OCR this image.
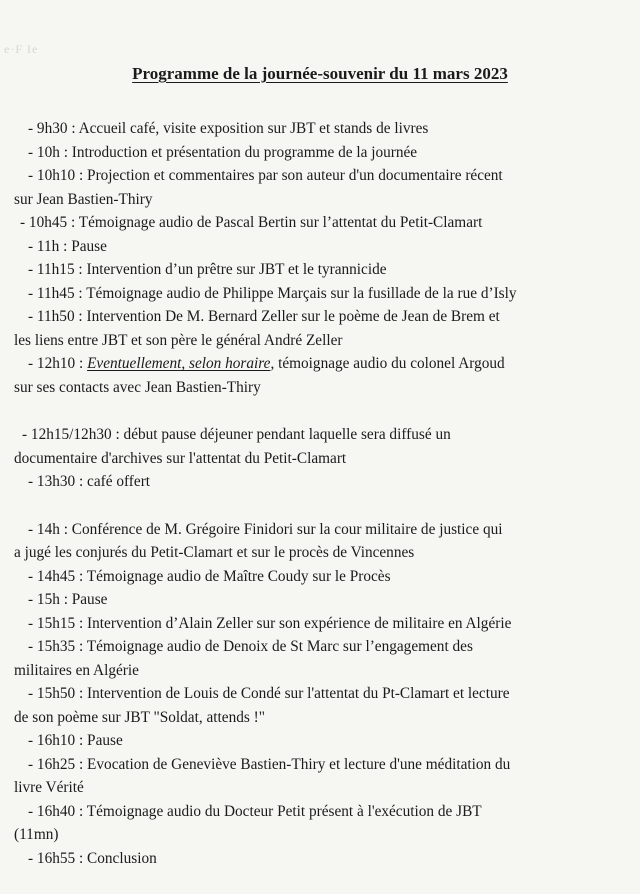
e·F Ie
Programme de la journée-souvenir du 11 mars 2023
- 9h30 : Accueil café, visite exposition sur JBT et stands de livres
- 10h : Introduction et présentation du programme de la journée
- 10h10 : Projection et commentaires par son auteur d'un documentaire récent
sur Jean Bastien-Thiry
- 10h45 : Témoignage audio de Pascal Bertin sur l’attentat du Petit-Clamart
- 11h : Pause
- 11h15 : Intervention d’un prêtre sur JBT et le tyrannicide
- 11h45 : Témoignage audio de Philippe Marçais sur la fusillade de la rue d’Isly
- 11h50 : Intervention De M. Bernard Zeller sur le poème de Jean de Brem et
les liens entre JBT et son père le général André Zeller
- 12h10 : Eventuellement, selon horaire, témoignage audio du colonel Argoud
sur ses contacts avec Jean Bastien-Thiry
- 12h15/12h30 : début pause déjeuner pendant laquelle sera diffusé un
documentaire d'archives sur l'attentat du Petit-Clamart
- 13h30 : café offert
- 14h : Conférence de M. Grégoire Finidori sur la cour militaire de justice qui
a jugé les conjurés du Petit-Clamart et sur le procès de Vincennes
- 14h45 : Témoignage audio de Maître Coudy sur le Procès
- 15h : Pause
- 15h15 : Intervention d’Alain Zeller sur son expérience de militaire en Algérie
- 15h35 : Témoignage audio de Denoix de St Marc sur l’engagement des
militaires en Algérie
- 15h50 : Intervention de Louis de Condé sur l'attentat du Pt-Clamart et lecture
de son poème sur JBT "Soldat, attends !"
- 16h10 : Pause
- 16h25 : Evocation de Geneviève Bastien-Thiry et lecture d'une méditation du
livre Vérité
- 16h40 : Témoignage audio du Docteur Petit présent à l'exécution de JBT
(11mn)
- 16h55 : Conclusion
